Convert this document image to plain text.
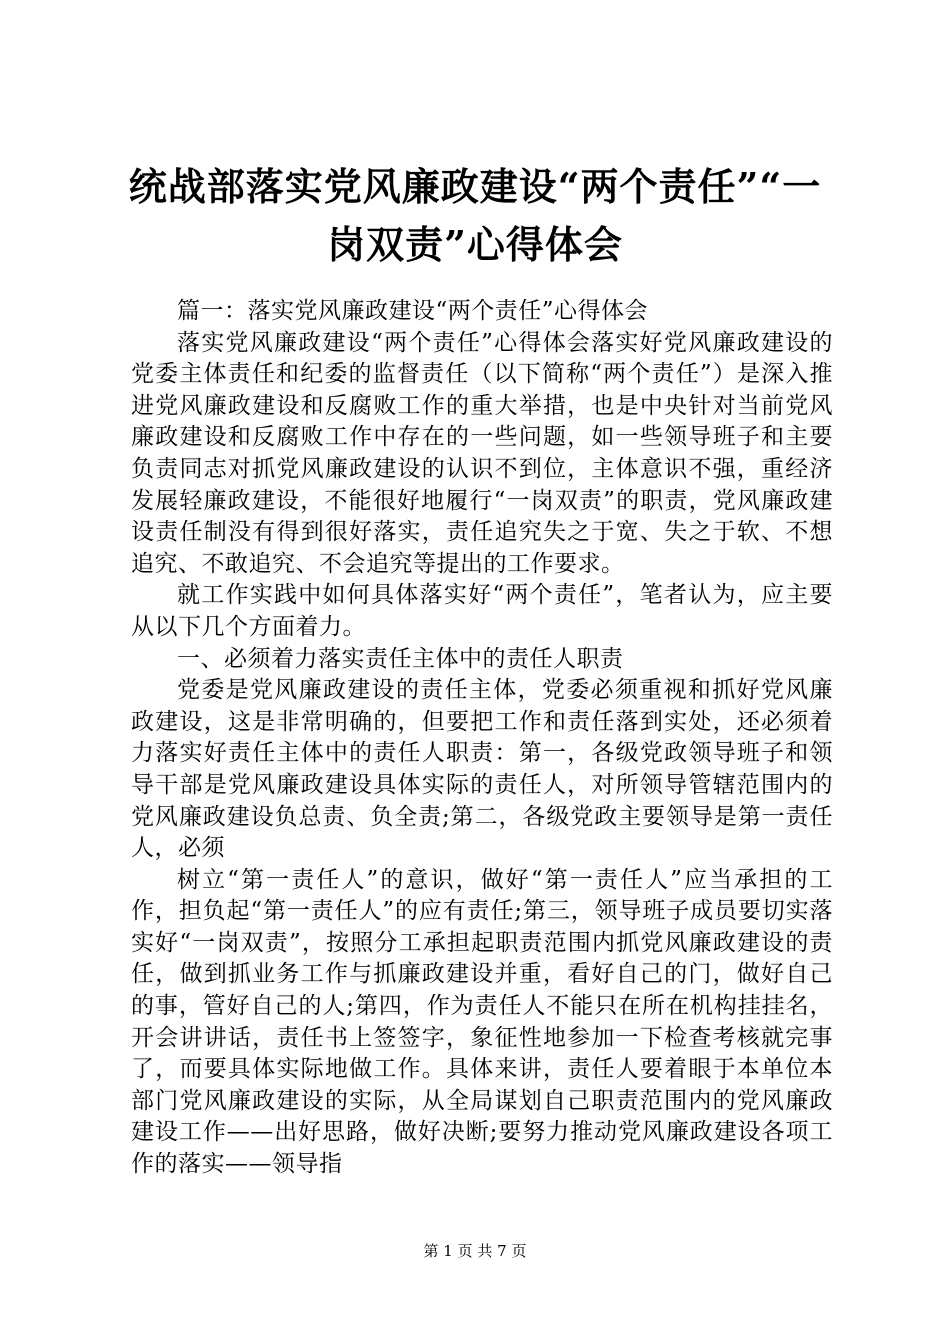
统战部落实党风廉政建设“两个责任”“一岗双责”心得体会

篇一：落实党风廉政建设“两个责任”心得体会

落实党风廉政建设“两个责任”心得体会落实好党风廉政建设的党委主体责任和纪委的监督责任（以下简称“两个责任”）是深入推进党风廉政建设和反腐败工作的重大举措，也是中央针对当前党风廉政建设和反腐败工作中存在的一些问题，如一些领导班子和主要负责同志对抓党风廉政建设的认识不到位，主体意识不强，重经济发展轻廉政建设，不能很好地履行“一岗双责”的职责，党风廉政建设责任制没有得到很好落实，责任追究失之于宽、失之于软、不想追究、不敢追究、不会追究等提出的工作要求。

就工作实践中如何具体落实好“两个责任”，笔者认为，应主要从以下几个方面着力。

一、必须着力落实责任主体中的责任人职责

党委是党风廉政建设的责任主体，党委必须重视和抓好党风廉政建设，这是非常明确的，但要把工作和责任落到实处，还必须着力落实好责任主体中的责任人职责：第一，各级党政领导班子和领导干部是党风廉政建设具体实际的责任人，对所领导管辖范围内的党风廉政建设负总责、负全责;第二，各级党政主要领导是第一责任人，必须

树立“第一责任人”的意识，做好“第一责任人”应当承担的工作，担负起“第一责任人”的应有责任;第三，领导班子成员要切实落实好“一岗双责”，按照分工承担起职责范围内抓党风廉政建设的责任，做到抓业务工作与抓廉政建设并重，看好自己的门，做好自己的事，管好自己的人;第四，作为责任人不能只在所在机构挂挂名，开会讲讲话，责任书上签签字，象征性地参加一下检查考核就完事了，而要具体实际地做工作。具体来讲，责任人要着眼于本单位本部门党风廉政建设的实际，从全局谋划自己职责范围内的党风廉政建设工作——出好思路，做好决断;要努力推动党风廉政建设各项工作的落实——领导指

第 1 页 共 7 页
